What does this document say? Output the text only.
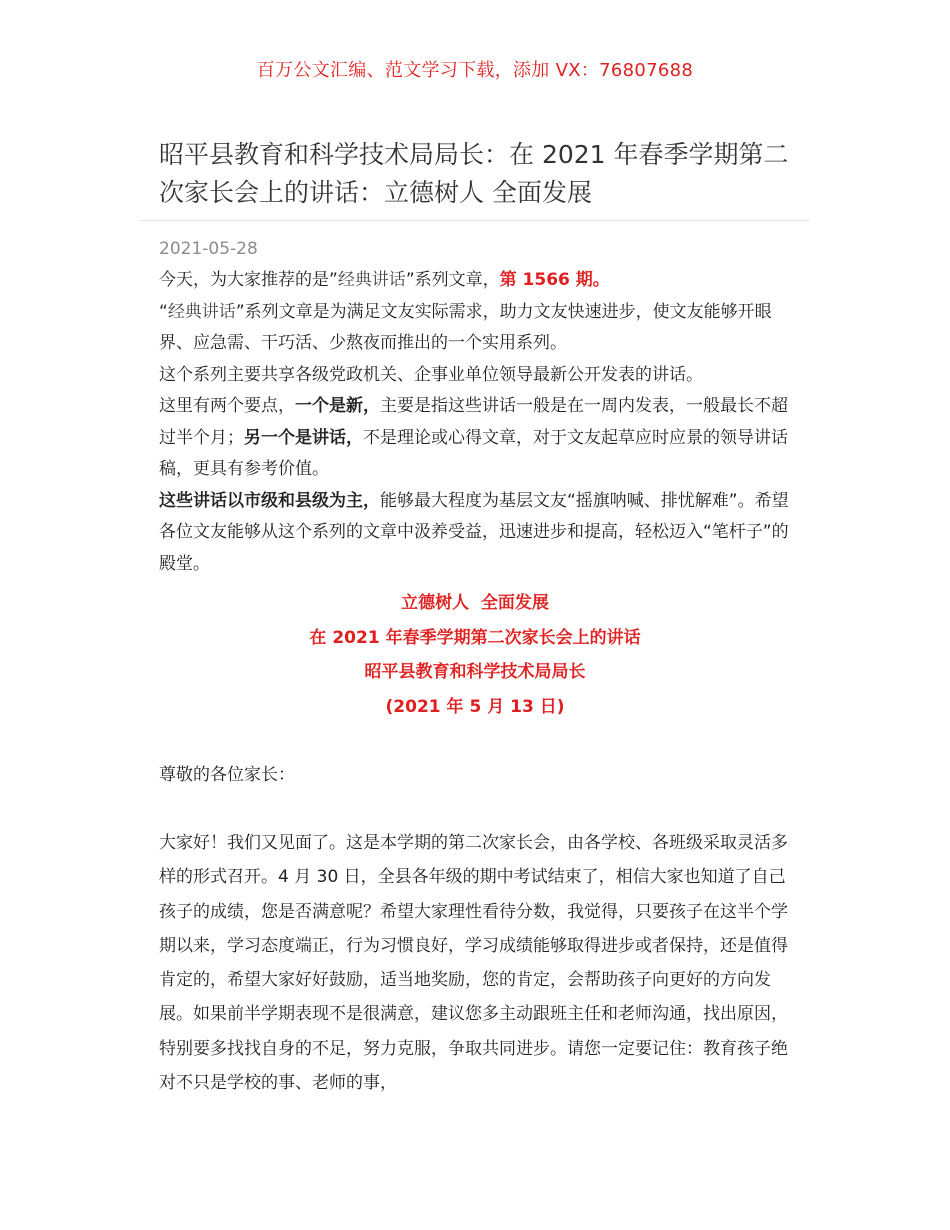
百万公文汇编、范文学习下载，添加 VX：76807688
昭平县教育和科学技术局局长：在 2021 年春季学期第二次家长会上的讲话：立德树人 全面发展
2021-05-28

今天，为大家推荐的是”经典讲话”系列文章，第 1566 期。

“经典讲话”系列文章是为满足文友实际需求，助力文友快速进步，使文友能够开眼界、应急需、干巧活、少熬夜而推出的一个实用系列。

这个系列主要共享各级党政机关、企事业单位领导最新公开发表的讲话。

这里有两个要点，一个是新，主要是指这些讲话一般是在一周内发表，一般最长不超过半个月；另一个是讲话，不是理论或心得文章，对于文友起草应时应景的领导讲话稿，更具有参考价值。

这些讲话以市级和县级为主，能够最大程度为基层文友“摇旗呐喊、排忧解难”。希望各位文友能够从这个系列的文章中汲养受益，迅速进步和提高，轻松迈入“笔杆子”的殿堂。

立德树人  全面发展
在 2021 年春季学期第二次家长会上的讲话
昭平县教育和科学技术局局长
(2021 年 5 月 13 日)
尊敬的各位家长：

大家好！我们又见面了。这是本学期的第二次家长会，由各学校、各班级采取灵活多样的形式召开。4 月 30 日，全县各年级的期中考试结束了，相信大家也知道了自己孩子的成绩，您是否满意呢？希望大家理性看待分数，我觉得，只要孩子在这半个学期以来，学习态度端正，行为习惯良好，学习成绩能够取得进步或者保持，还是值得肯定的，希望大家好好鼓励，适当地奖励，您的肯定，会帮助孩子向更好的方向发展。如果前半学期表现不是很满意，建议您多主动跟班主任和老师沟通，找出原因，特别要多找找自身的不足，努力克服，争取共同进步。请您一定要记住：教育孩子绝对不只是学校的事、老师的事，
